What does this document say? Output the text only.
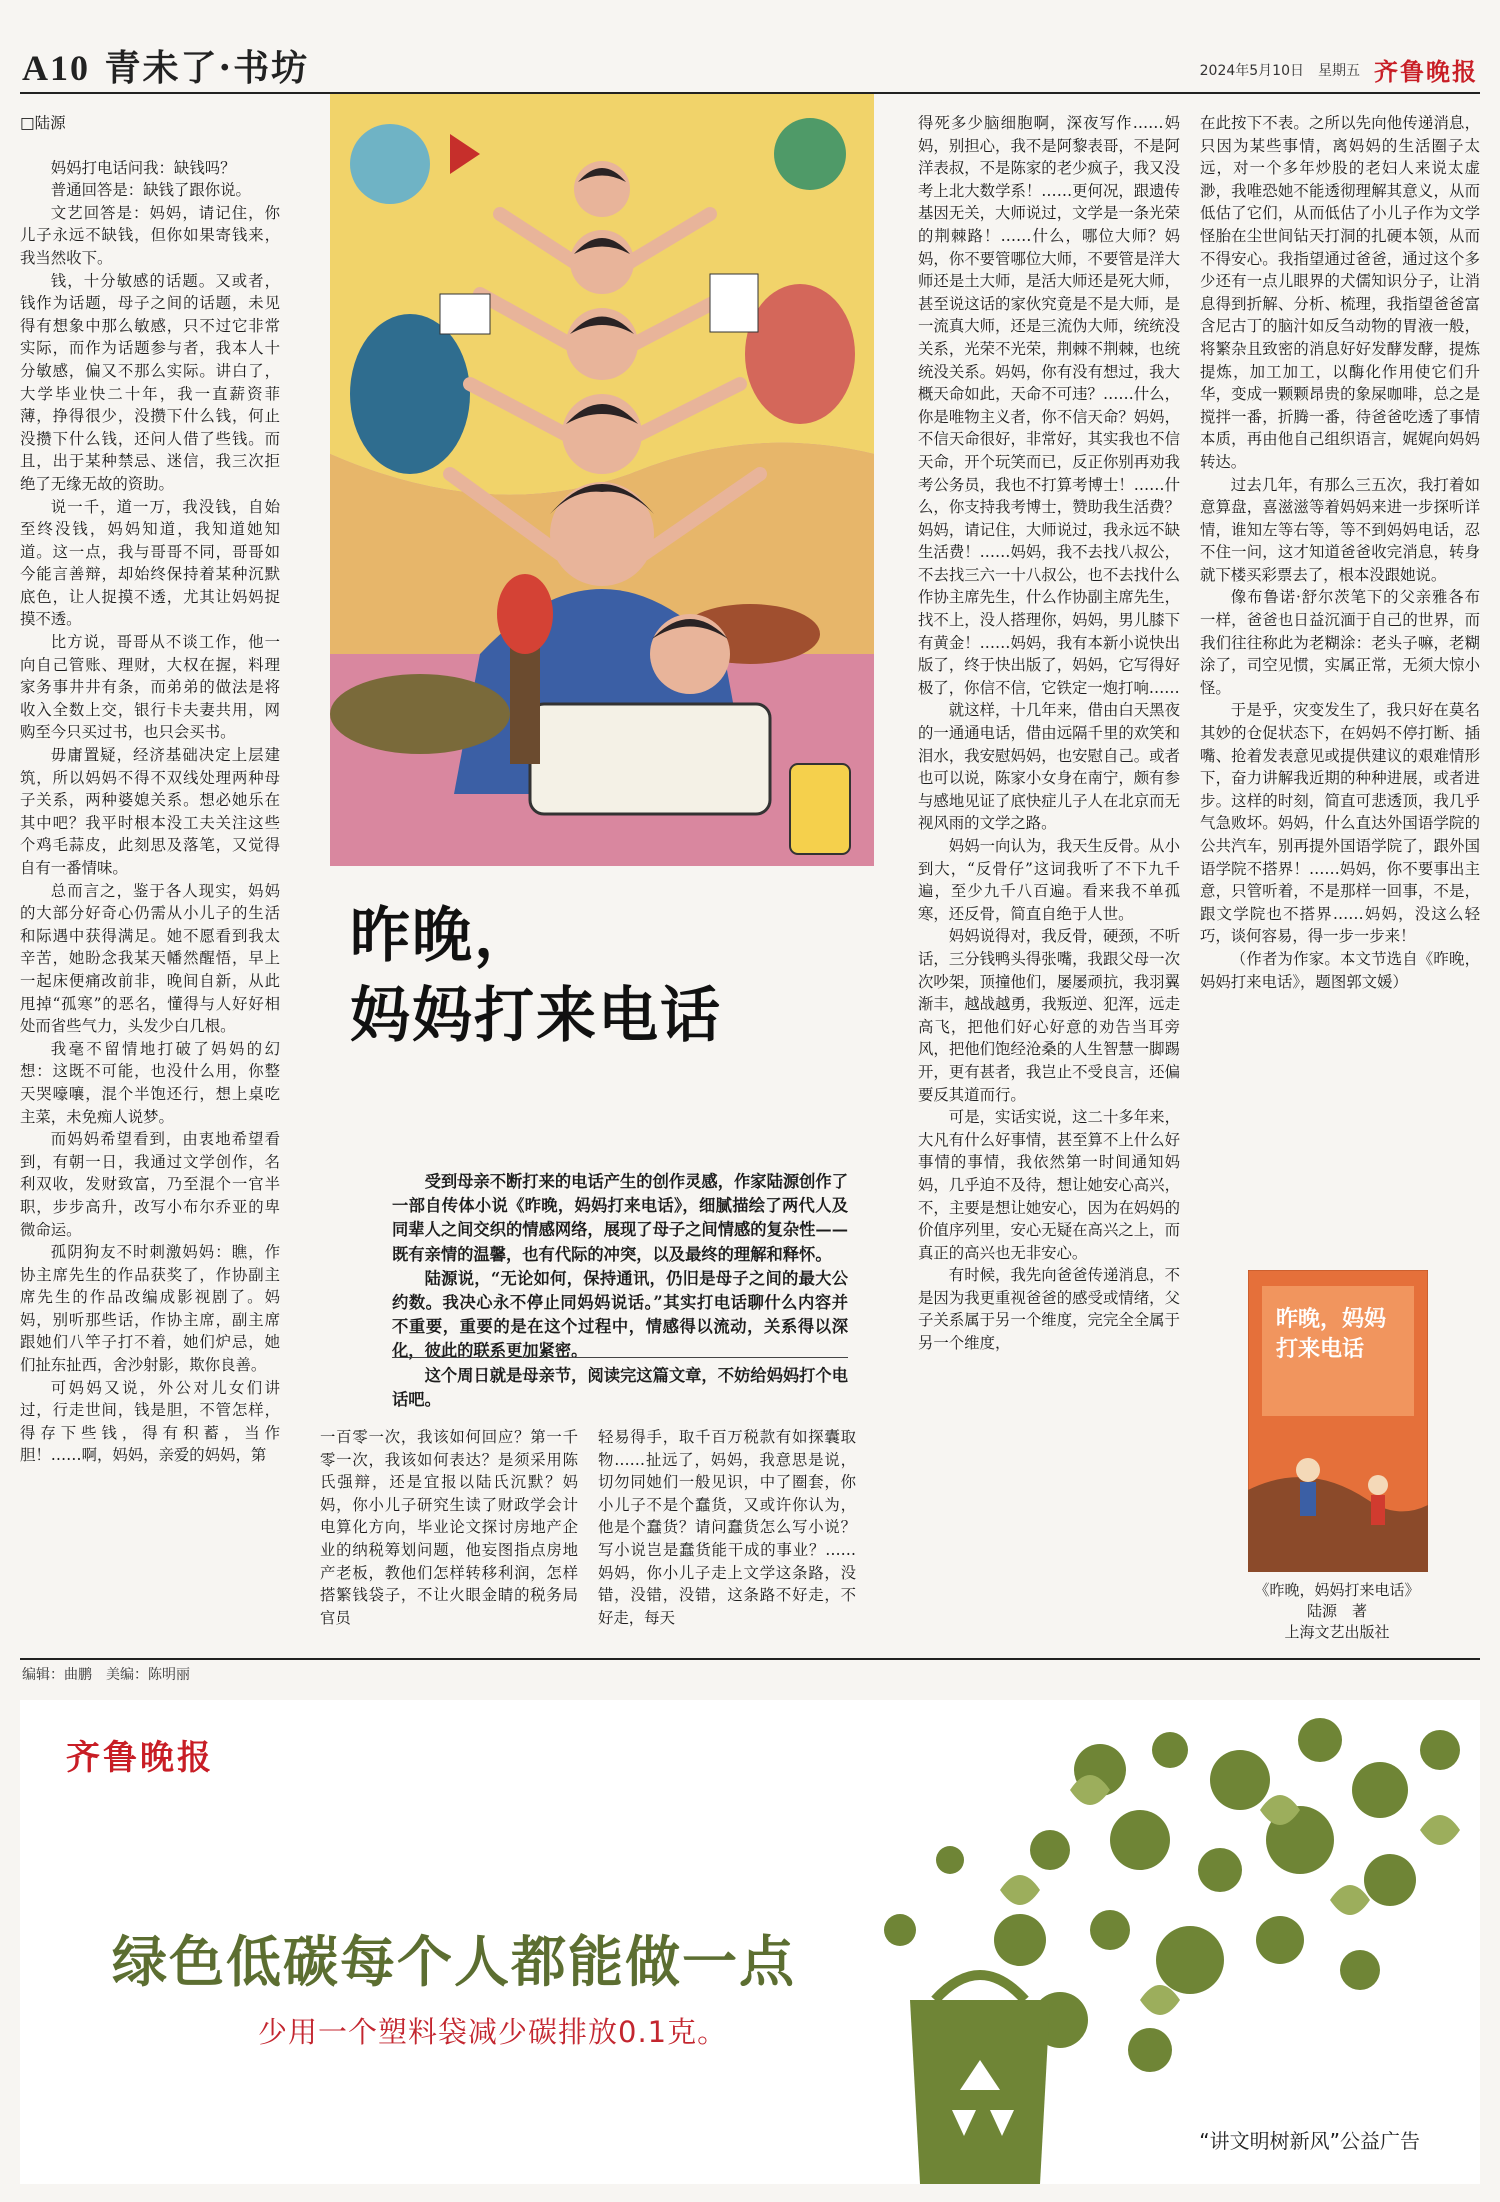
A10 青未了·书坊	2024年5月10日 星期五 齐鲁晚报
□陆源

妈妈打电话问我：缺钱吗？

普通回答是：缺钱了跟你说。

文艺回答是：妈妈，请记住，你儿子永远不缺钱，但你如果寄钱来，我当然收下。

钱，十分敏感的话题。又或者，钱作为话题，母子之间的话题，未见得有想象中那么敏感，只不过它非常实际，而作为话题参与者，我本人十分敏感，偏又不那么实际。讲白了，大学毕业快二十年，我一直薪资菲薄，挣得很少，没攒下什么钱，何止没攒下什么钱，还问人借了些钱。而且，出于某种禁忌、迷信，我三次拒绝了无缘无故的资助。

说一千，道一万，我没钱，自始至终没钱，妈妈知道，我知道她知道。这一点，我与哥哥不同，哥哥如今能言善辩，却始终保持着某种沉默底色，让人捉摸不透，尤其让妈妈捉摸不透。

比方说，哥哥从不谈工作，他一向自己管账、理财，大权在握，料理家务事井井有条，而弟弟的做法是将收入全数上交，银行卡夫妻共用，网购至今只买过书，也只会买书。

毋庸置疑，经济基础决定上层建筑，所以妈妈不得不双线处理两种母子关系，两种婆媳关系。想必她乐在其中吧？我平时根本没工夫关注这些个鸡毛蒜皮，此刻思及落笔，又觉得自有一番情味。

总而言之，鉴于各人现实，妈妈的大部分好奇心仍需从小儿子的生活和际遇中获得满足。她不愿看到我太辛苦，她盼念我某天幡然醒悟，早上一起床便痛改前非，晚间自新，从此甩掉“孤寒”的恶名，懂得与人好好相处而省些气力，头发少白几根。

我毫不留情地打破了妈妈的幻想：这既不可能，也没什么用，你整天哭嚎嚷，混个半饱还行，想上桌吃主菜，未免痴人说梦。

而妈妈希望看到，由衷地希望看到，有朝一日，我通过文学创作，名利双收，发财致富，乃至混个一官半职，步步高升，改写小布尔乔亚的卑微命运。

孤阴狗友不时刺激妈妈：瞧，作协主席先生的作品获奖了，作协副主席先生的作品改编成影视剧了。妈妈，别听那些话，作协主席，副主席跟她们八竿子打不着，她们炉忌，她们扯东扯西，舍沙射影，欺你良善。

可妈妈又说，外公对儿女们讲过，行走世间，钱是胆，不管怎样，得存下些钱，得有积蓄，当作胆！……啊，妈妈，亲爱的妈妈，第

昨晚，
妈妈打来电话

受到母亲不断打来的电话产生的创作灵感，作家陆源创作了一部自传体小说《昨晚，妈妈打来电话》，细腻描绘了两代人及同辈人之间交织的情感网络，展现了母子之间情感的复杂性——既有亲情的温馨，也有代际的冲突，以及最终的理解和释怀。

陆源说，“无论如何，保持通讯，仍旧是母子之间的最大公约数。我决心永不停止同妈妈说话。”其实打电话聊什么内容并不重要，重要的是在这个过程中，情感得以流动，关系得以深化，彼此的联系更加紧密。

这个周日就是母亲节，阅读完这篇文章，不妨给妈妈打个电话吧。

一百零一次，我该如何回应？第一千零一次，我该如何表达？是须采用陈氏强辩，还是宜报以陆氏沉默？妈妈，你小儿子研究生读了财政学会计电算化方向，毕业论文探讨房地产企业的纳税筹划问题，他妄图指点房地产老板，教他们怎样转移利润，怎样搭繁钱袋子，不让火眼金睛的税务局官员

轻易得手，取千百万税款有如探囊取物……扯远了，妈妈，我意思是说，切勿同她们一般见识，中了圈套，你小儿子不是个蠢货，又或许你认为，他是个蠢货？请问蠢货怎么写小说？写小说岂是蠢货能干成的事业？……妈妈，你小儿子走上文学这条路，没错，没错，没错，这条路不好走，不好走，每天

得死多少脑细胞啊，深夜写作……妈妈，别担心，我不是阿黎表哥，不是阿洋表叔，不是陈家的老少疯子，我又没考上北大数学系！……更何况，跟遗传基因无关，大师说过，文学是一条光荣的荆棘路！……什么，哪位大师？妈妈，你不要管哪位大师，不要管是洋大师还是土大师，是活大师还是死大师，甚至说这话的家伙究竟是不是大师，是一流真大师，还是三流伪大师，统统没关系，光荣不光荣，荆棘不荆棘，也统统没关系。妈妈，你有没有想过，我大概天命如此，天命不可违？……什么，你是唯物主义者，你不信天命？妈妈，不信天命很好，非常好，其实我也不信天命，开个玩笑而已，反正你别再劝我考公务员，我也不打算考博士！……什么，你支持我考博士，赞助我生活费？妈妈，请记住，大师说过，我永远不缺生活费！……妈妈，我不去找八叔公，不去找三六一十八叔公，也不去找什么作协主席先生，什么作协副主席先生，找不上，没人搭理你，妈妈，男儿膝下有黄金！……妈妈，我有本新小说快出版了，终于快出版了，妈妈，它写得好极了，你信不信，它铁定一炮打响……

就这样，十几年来，借由白天黑夜的一通通电话，借由远隔千里的欢笑和泪水，我安慰妈妈，也安慰自己。或者也可以说，陈家小女身在南宁，颇有参与感地见证了底快症儿子人在北京而无视风雨的文学之路。

妈妈一向认为，我天生反骨。从小到大，“反骨仔”这词我听了不下九千遍，至少九千八百遍。看来我不单孤寒，还反骨，简直自绝于人世。

妈妈说得对，我反骨，硬颈，不听话，三分钱鸭头得张嘴，我跟父母一次次吵架，顶撞他们，屡屡顽抗，我羽翼渐丰，越战越勇，我叛逆、犯浑，远走高飞，把他们好心好意的劝告当耳旁风，把他们饱经沧桑的人生智慧一脚踢开，更有甚者，我岂止不受良言，还偏要反其道而行。

可是，实话实说，这二十多年来，大凡有什么好事情，甚至算不上什么好事情的事情，我依然第一时间通知妈妈，几乎迫不及待，想让她安心高兴，不，主要是想让她安心，因为在妈妈的价值序列里，安心无疑在高兴之上，而真正的高兴也无非安心。

有时候，我先向爸爸传递消息，不是因为我更重视爸爸的感受或情绪，父子关系属于另一个维度，完完全全属于另一个维度，

在此按下不表。之所以先向他传递消息，只因为某些事情，离妈妈的生活圈子太远，对一个多年炒股的老妇人来说太虚渺，我唯恐她不能透彻理解其意义，从而低估了它们，从而低估了小儿子作为文学怪胎在尘世间钻天打洞的扎硬本领，从而不得安心。我指望通过爸爸，通过这个多少还有一点儿眼界的犬儒知识分子，让消息得到折解、分析、梳理，我指望爸爸富含尼古丁的脑汁如反刍动物的胃液一般，将繁杂且致密的消息好好发酵发酵，提炼提炼，加工加工，以酶化作用使它们升华，变成一颗颗昂贵的象屎咖啡，总之是搅拌一番，折腾一番，待爸爸吃透了事情本质，再由他自己组织语言，娓娓向妈妈转达。

过去几年，有那么三五次，我打着如意算盘，喜滋滋等着妈妈来进一步探听详情，谁知左等右等，等不到妈妈电话，忍不住一问，这才知道爸爸收完消息，转身就下楼买彩票去了，根本没跟她说。

像布鲁诺·舒尔茨笔下的父亲雅各布一样，爸爸也日益沉湎于自己的世界，而我们往往称此为老糊涂：老头子嘛，老糊涂了，司空见惯，实属正常，无须大惊小怪。

于是乎，灾变发生了，我只好在莫名其妙的仓促状态下，在妈妈不停打断、插嘴、抢着发表意见或提供建议的艰难情形下，奋力讲解我近期的种种进展，或者进步。这样的时刻，简直可悲透顶，我几乎气急败坏。妈妈，什么直达外国语学院的公共汽车，别再提外国语学院了，跟外国语学院不搭界！……妈妈，你不要事出主意，只管听着，不是那样一回事，不是，跟文学院也不搭界……妈妈，没这么轻巧，谈何容易，得一步一步来！

（作者为作家。本文节选自《昨晚，妈妈打来电话》，题图郭文媛）

昨晚，妈妈打来电话
《昨晚，妈妈打来电话》
陆源　著
上海文艺出版社
编辑：曲鹏　美编：陈明丽
齐鲁晚报
绿色低碳每个人都能做一点
少用一个塑料袋减少碳排放0.1克。
“讲文明树新风”公益广告
